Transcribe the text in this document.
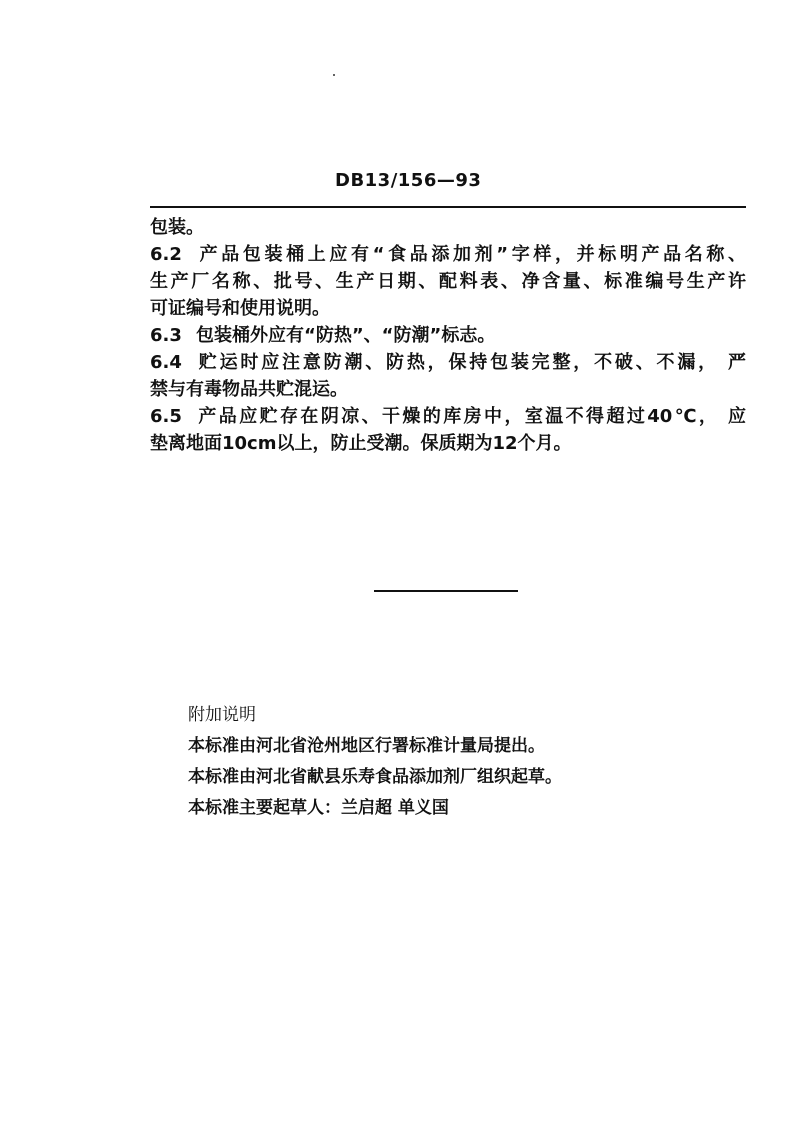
DB13/156—93
包装。
6.2 产品包装桶上应有“食品添加剂”字样，并标明产品名称、
生产厂名称、批号、生产日期、配料表、净含量、标准编号生产许
可证编号和使用说明。
6.3 包装桶外应有“防热”、“防潮”标志。
6.4 贮运时应注意防潮、防热，保持包装完整，不破、不漏， 严
禁与有毒物品共贮混运。
6.5 产品应贮存在阴凉、干燥的库房中，室温不得超过40℃， 应
垫离地面10cm以上，防止受潮。保质期为12个月。
附加说明
本标准由河北省沧州地区行署标准计量局提出。
本标准由河北省献县乐寿食品添加剂厂组织起草。
本标准主要起草人：兰启超 单义国
